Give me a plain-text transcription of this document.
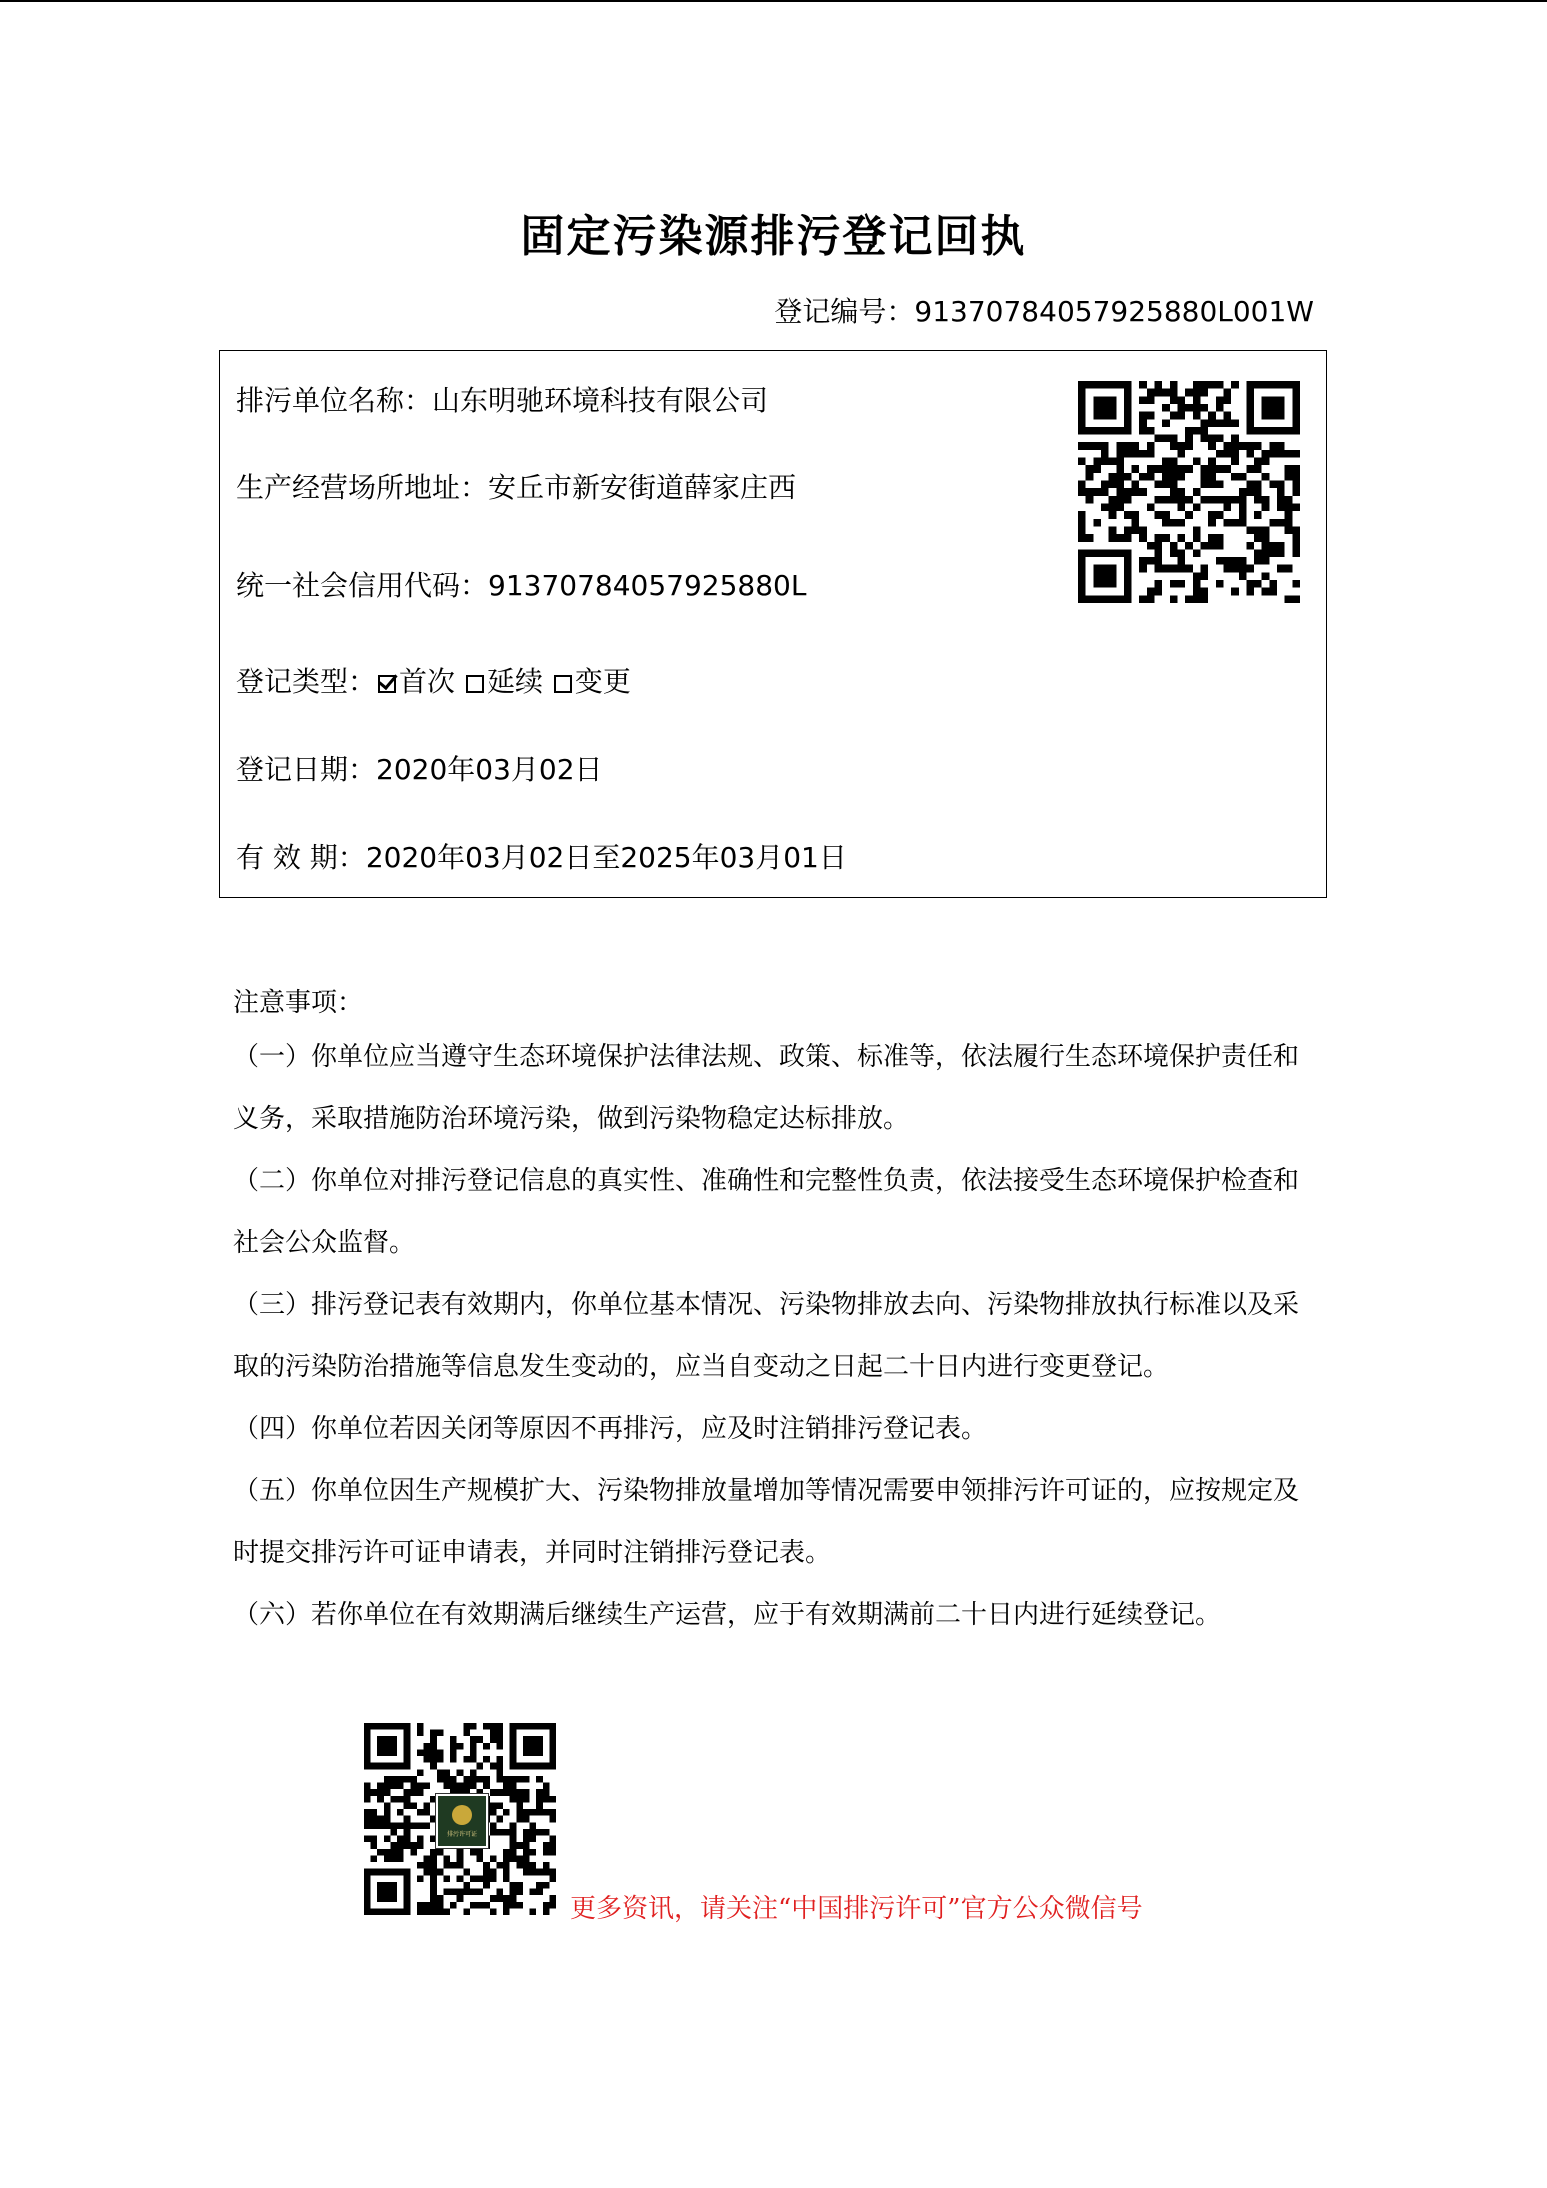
固定污染源排污登记回执
登记编号：91370784057925880L001W
排污单位名称：山东明驰环境科技有限公司
生产经营场所地址：安丘市新安街道薛家庄西
统一社会信用代码：91370784057925880L
登记类型： 首次 延续 变更
登记日期：2020年03月02日
有 效 期：2020年03月02日至2025年03月01日
注意事项：
（一）你单位应当遵守生态环境保护法律法规、政策、标准等，依法履行生态环境保护责任和义务，采取措施防治环境污染，做到污染物稳定达标排放。
（二）你单位对排污登记信息的真实性、准确性和完整性负责，依法接受生态环境保护检查和社会公众监督。
（三）排污登记表有效期内，你单位基本情况、污染物排放去向、污染物排放执行标准以及采取的污染防治措施等信息发生变动的，应当自变动之日起二十日内进行变更登记。
（四）你单位若因关闭等原因不再排污，应及时注销排污登记表。
（五）你单位因生产规模扩大、污染物排放量增加等情况需要申领排污许可证的，应按规定及时提交排污许可证申请表，并同时注销排污登记表。
（六）若你单位在有效期满后继续生产运营，应于有效期满前二十日内进行延续登记。
排污许可证
更多资讯，请关注“中国排污许可”官方公众微信号
